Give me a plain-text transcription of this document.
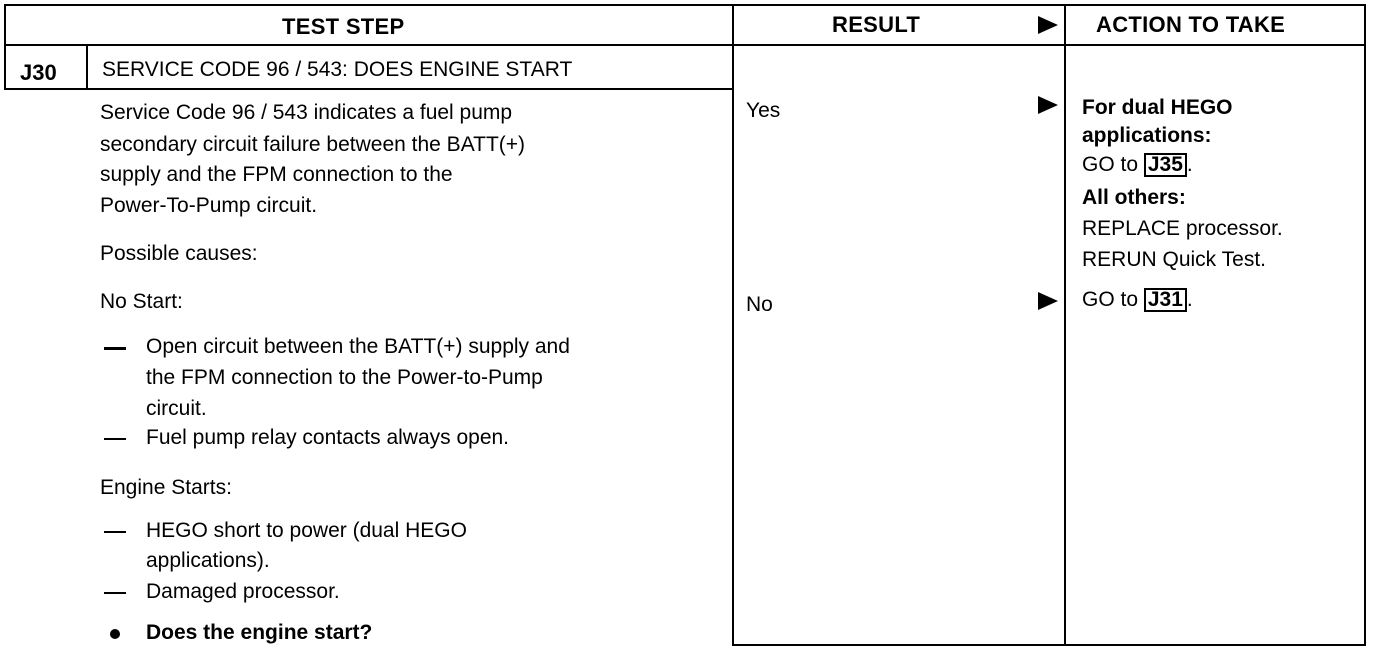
TEST STEP	RESULT	ACTION TO TAKE
J30 SERVICE CODE 96 / 543: DOES ENGINE START
Service Code 96 / 543 indicates a fuel pump
secondary circuit failure between the BATT(+)
supply and the FPM connection to the
Power-To-Pump circuit.
Possible causes:
No Start:
Open circuit between the BATT(+) supply and
the FPM connection to the Power-to-Pump
circuit.
Fuel pump relay contacts always open.
Engine Starts:
HEGO short to power (dual HEGO
applications).
Damaged processor.
Does the engine start?
Yes
No
For dual HEGO
applications:
GO to J35 .
All others:
REPLACE processor.
RERUN Quick Test.
GO to J31 .
